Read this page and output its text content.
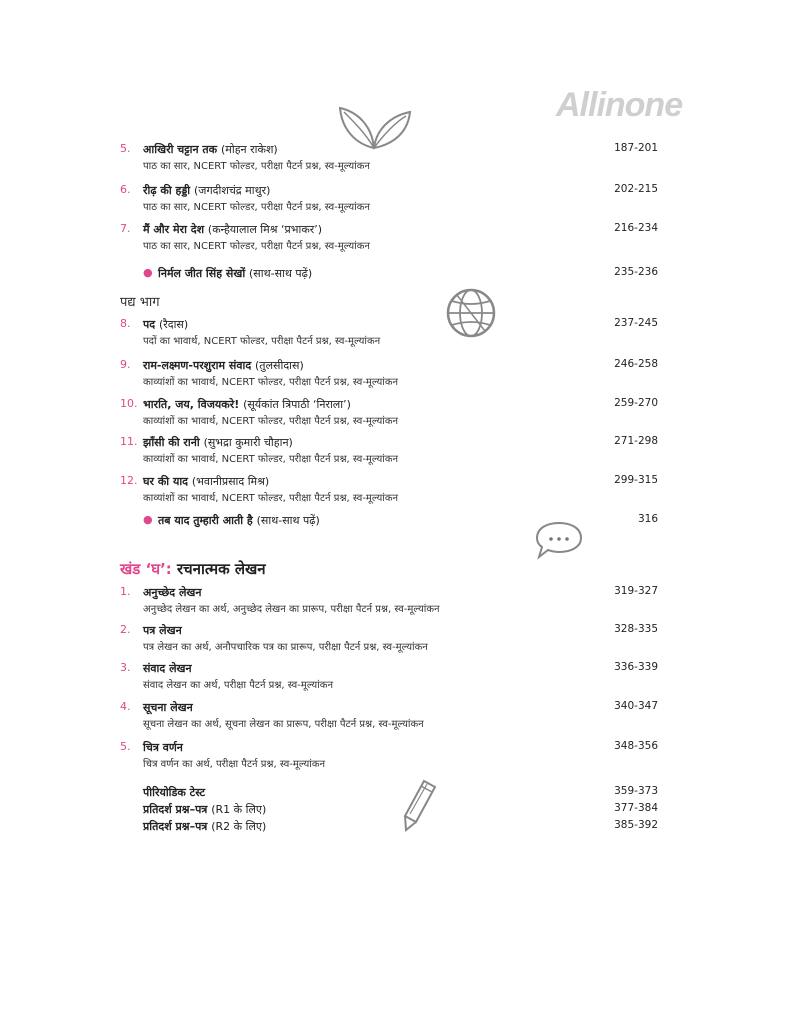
Allinone
5. आखिरी चट्टान तक (मोहन राकेश)
पाठ का सार, NCERT फोल्डर, परीक्षा पैटर्न प्रश्न, स्व-मूल्यांकन
187-201
6. रीढ़ की हड्डी (जगदीशचंद्र माथुर)
पाठ का सार, NCERT फोल्डर, परीक्षा पैटर्न प्रश्न, स्व-मूल्यांकन
202-215
7. मैं और मेरा देश (कन्हैयालाल मिश्र ‘प्रभाकर’)
पाठ का सार, NCERT फोल्डर, परीक्षा पैटर्न प्रश्न, स्व-मूल्यांकन
216-234
● निर्मल जीत सिंह सेखों (साथ-साथ पढ़ें)	235-236
पद्य भाग
8. पद (रैदास)
पदों का भावार्थ, NCERT फोल्डर, परीक्षा पैटर्न प्रश्न, स्व-मूल्यांकन
237-245
9. राम-लक्ष्मण-परशुराम संवाद (तुलसीदास)
काव्यांशों का भावार्थ, NCERT फोल्डर, परीक्षा पैटर्न प्रश्न, स्व-मूल्यांकन
246-258
10. भारति, जय, विजयकरे! (सूर्यकांत त्रिपाठी ‘निराला’)
काव्यांशों का भावार्थ, NCERT फोल्डर, परीक्षा पैटर्न प्रश्न, स्व-मूल्यांकन
259-270
11. झाँसी की रानी (सुभद्रा कुमारी चौहान)
काव्यांशों का भावार्थ, NCERT फोल्डर, परीक्षा पैटर्न प्रश्न, स्व-मूल्यांकन
271-298
12. घर की याद (भवानीप्रसाद मिश्र)
काव्यांशों का भावार्थ, NCERT फोल्डर, परीक्षा पैटर्न प्रश्न, स्व-मूल्यांकन
299-315
● तब याद तुम्हारी आती है (साथ-साथ पढ़ें)	316
खंड ‘घ’: रचनात्मक लेखन
1. अनुच्छेद लेखन
अनुच्छेद लेखन का अर्थ, अनुच्छेद लेखन का प्रारूप, परीक्षा पैटर्न प्रश्न, स्व-मूल्यांकन
319-327
2. पत्र लेखन
पत्र लेखन का अर्थ, अनौपचारिक पत्र का प्रारूप, परीक्षा पैटर्न प्रश्न, स्व-मूल्यांकन
328-335
3. संवाद लेखन
संवाद लेखन का अर्थ, परीक्षा पैटर्न प्रश्न, स्व-मूल्यांकन
336-339
4. सूचना लेखन
सूचना लेखन का अर्थ, सूचना लेखन का प्रारूप, परीक्षा पैटर्न प्रश्न, स्व-मूल्यांकन
340-347
5. चित्र वर्णन
चित्र वर्णन का अर्थ, परीक्षा पैटर्न प्रश्न, स्व-मूल्यांकन
348-356
पीरियोडिक टेस्ट	359-373
प्रतिदर्श प्रश्न–पत्र (R1 के लिए)	377-384
प्रतिदर्श प्रश्न–पत्र (R2 के लिए)	385-392
